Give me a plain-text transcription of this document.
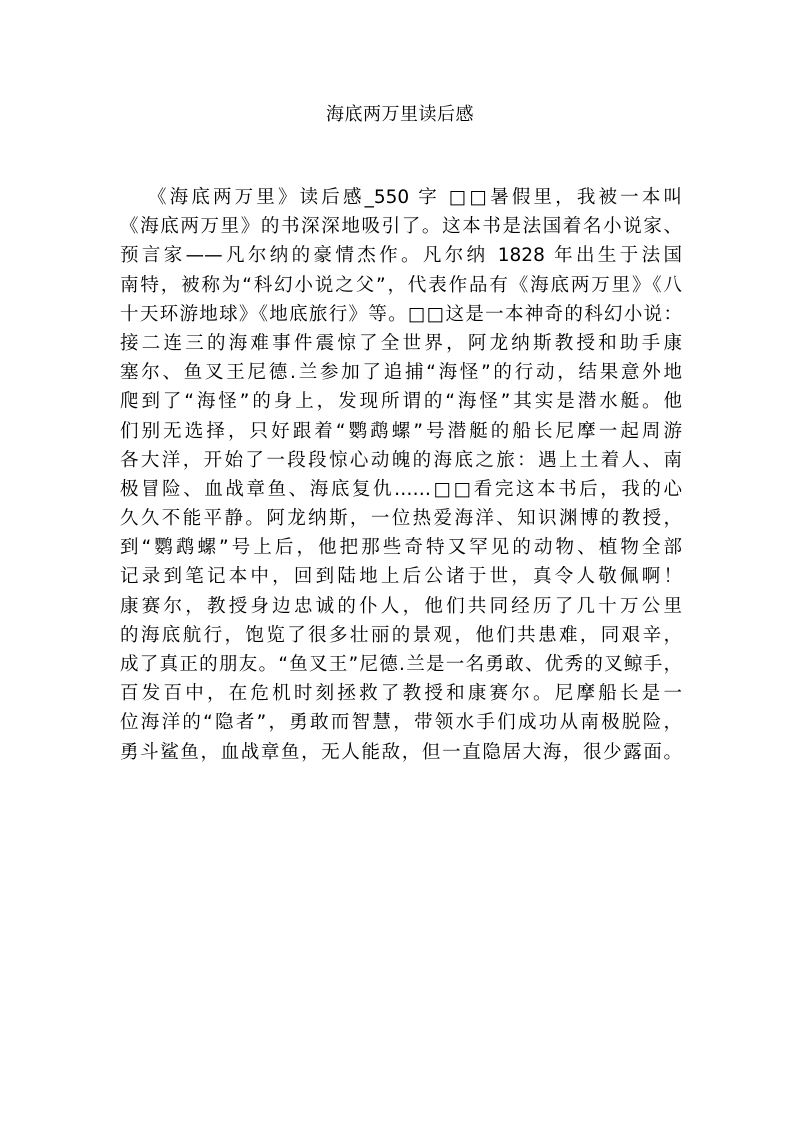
海底两万里读后感
《海底两万里》读后感_550 字 □□暑假里，我被一本叫
《海底两万里》的书深深地吸引了。这本书是法国着名小说家、
预言家——凡尔纳的豪情杰作。凡尔纳 1828 年出生于法国
南特，被称为“科幻小说之父”，代表作品有《海底两万里》《八
十天环游地球》《地底旅行》等。□□这是一本神奇的科幻小说：
接二连三的海难事件震惊了全世界，阿龙纳斯教授和助手康
塞尔、鱼叉王尼德.兰参加了追捕“海怪”的行动，结果意外地
爬到了“海怪”的身上，发现所谓的“海怪”其实是潜水艇。他
们别无选择，只好跟着“鹦鹉螺”号潜艇的船长尼摩一起周游
各大洋，开始了一段段惊心动魄的海底之旅：遇上土着人、南
极冒险、血战章鱼、海底复仇……□□看完这本书后，我的心
久久不能平静。阿龙纳斯，一位热爱海洋、知识渊博的教授，
到“鹦鹉螺”号上后，他把那些奇特又罕见的动物、植物全部
记录到笔记本中，回到陆地上后公诸于世，真令人敬佩啊！
康赛尔，教授身边忠诚的仆人，他们共同经历了几十万公里
的海底航行，饱览了很多壮丽的景观，他们共患难，同艰辛，
成了真正的朋友。“鱼叉王”尼德.兰是一名勇敢、优秀的叉鲸手，
百发百中，在危机时刻拯救了教授和康赛尔。尼摩船长是一
位海洋的“隐者”，勇敢而智慧，带领水手们成功从南极脱险，
勇斗鲨鱼，血战章鱼，无人能敌，但一直隐居大海，很少露面。
